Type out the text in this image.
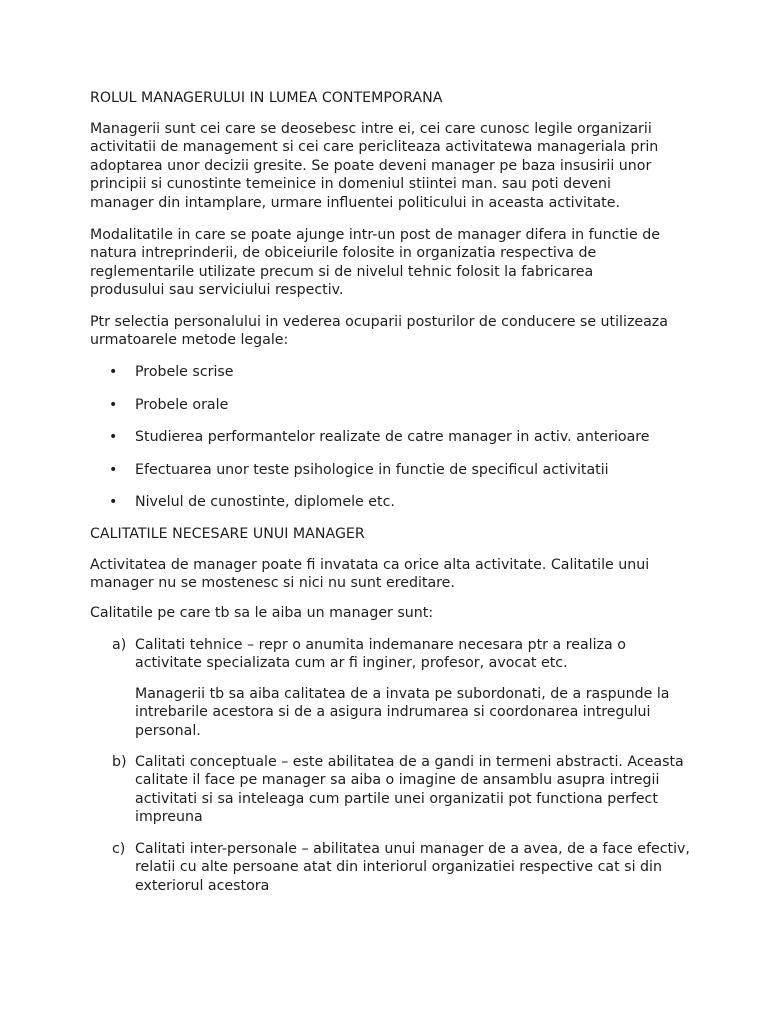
ROLUL MANAGERULUI IN LUMEA CONTEMPORANA

Managerii sunt cei care se deosebesc intre ei, cei care cunosc legile organizarii activitatii de management si cei care pericliteaza activitatewa manageriala prin adoptarea unor decizii gresite. Se poate deveni manager pe baza insusirii unor principii si cunostinte temeinice in domeniul stiintei man. sau poti deveni manager din intamplare, urmare influentei politicului in aceasta activitate.

Modalitatile in care se poate ajunge intr-un post de manager difera in functie de natura intreprinderii, de obiceiurile folosite in organizatia respectiva de reglementarile utilizate precum si de nivelul tehnic folosit la fabricarea produsului sau serviciului respectiv.

Ptr selectia personalului in vederea ocuparii posturilor de conducere se utilizeaza urmatoarele metode legale:

• Probele scrise
• Probele orale
• Studierea performantelor realizate de catre manager in activ. anterioare
• Efectuarea unor teste psihologice in functie de specificul activitatii
• Nivelul de cunostinte, diplomele etc.

CALITATILE NECESARE UNUI MANAGER

Activitatea de manager poate fi invatata ca orice alta activitate. Calitatile unui manager nu se mostenesc si nici nu sunt ereditare.

Calitatile pe care tb sa le aiba un manager sunt:

a) Calitati tehnice – repr o anumita indemanare necesara ptr a realiza o activitate specializata cum ar fi inginer, profesor, avocat etc.
b) Calitati conceptuale – este abilitatea de a gandi in termeni abstracti. Aceasta calitate il face pe manager sa aiba o imagine de ansamblu asupra intregii activitati si sa inteleaga cum partile unei organizatii pot functiona perfect impreuna
c) Calitati inter-personale – abilitatea unui manager de a avea, de a face efectiv, relatii cu alte persoane atat din interiorul organizatiei respective cat si din exteriorul acestora

Managerii tb sa aiba calitatea de a invata pe subordonati, de a raspunde la intrebarile acestora si de a asigura indrumarea si coordonarea intregului personal.
